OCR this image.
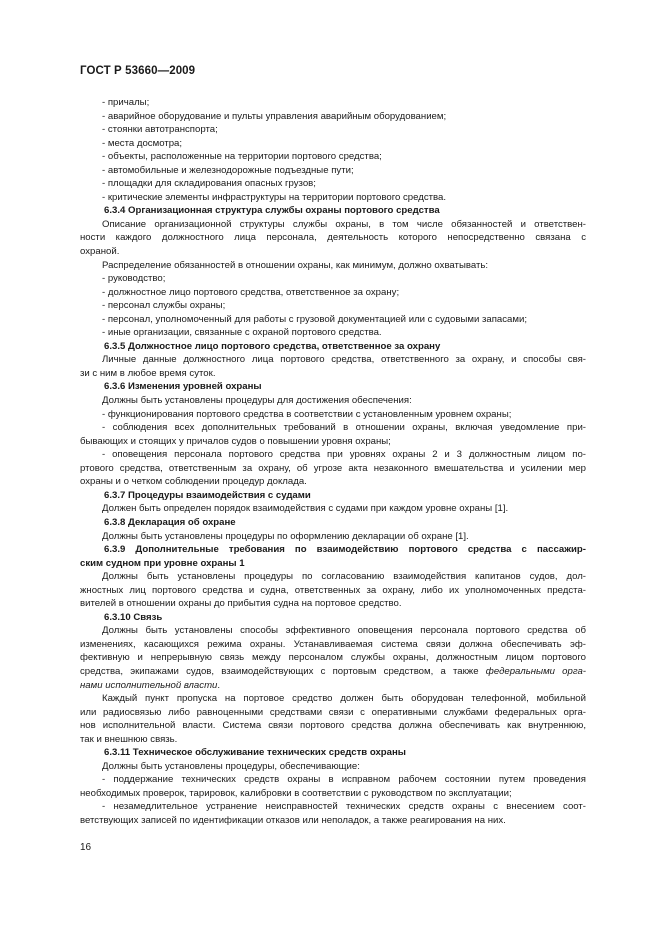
ГОСТ Р 53660—2009
- причалы;
- аварийное оборудование и пульты управления аварийным оборудованием;
- стоянки автотранспорта;
- места досмотра;
- объекты, расположенные на территории портового средства;
- автомобильные и железнодорожные подъездные пути;
- площадки для складирования опасных грузов;
- критические элементы инфраструктуры на территории портового средства.
6.3.4 Организационная структура службы охраны портового средства
Описание организационной структуры службы охраны, в том числе обязанностей и ответствен-
ности каждого должностного лица персонала, деятельность которого непосредственно связана с
охраной.
Распределение обязанностей в отношении охраны, как минимум, должно охватывать:
- руководство;
- должностное лицо портового средства, ответственное за охрану;
- персонал службы охраны;
- персонал, уполномоченный для работы с грузовой документацией или с судовыми запасами;
- иные организации, связанные с охраной портового средства.
6.3.5 Должностное лицо портового средства, ответственное за охрану
Личные данные должностного лица портового средства, ответственного за охрану, и способы свя-
зи с ним в любое время суток.
6.3.6 Изменения уровней охраны
Должны быть установлены процедуры для достижения обеспечения:
- функционирования портового средства в соответствии с установленным уровнем охраны;
- соблюдения всех дополнительных требований в отношении охраны, включая уведомление при-
бывающих и стоящих у причалов судов о повышении уровня охраны;
- оповещения персонала портового средства при уровнях охраны 2 и 3 должностным лицом по-
ртового средства, ответственным за охрану, об угрозе акта незаконного вмешательства и усилении мер
охраны и о четком соблюдении процедур доклада.
6.3.7 Процедуры взаимодействия с судами
Должен быть определен порядок взаимодействия с судами при каждом уровне охраны [1].
6.3.8 Декларация об охране
Должны быть установлены процедуры по оформлению декларации об охране [1].
6.3.9 Дополнительные требования по взаимодействию портового средства с пассажир-
ским судном при уровне охраны 1
Должны быть установлены процедуры по согласованию взаимодействия капитанов судов, дол-
жностных лиц портового средства и судна, ответственных за охрану, либо их уполномоченных предста-
вителей в отношении охраны до прибытия судна на портовое средство.
6.3.10 Связь
Должны быть установлены способы эффективного оповещения персонала портового средства об
изменениях, касающихся режима охраны. Устанавливаемая система связи должна обеспечивать эф-
фективную и непрерывную связь между персоналом службы охраны, должностным лицом портового
средства, экипажами судов, взаимодействующих с портовым средством, а также федеральными орга-
нами исполнительной власти.
Каждый пункт пропуска на портовое средство должен быть оборудован телефонной, мобильной
или радиосвязью либо равноценными средствами связи с оперативными службами федеральных орга-
нов исполнительной власти. Система связи портового средства должна обеспечивать как внутреннюю,
так и внешнюю связь.
6.3.11 Техническое обслуживание технических средств охраны
Должны быть установлены процедуры, обеспечивающие:
- поддержание технических средств охраны в исправном рабочем состоянии путем проведения
необходимых проверок, тарировок, калибровки в соответствии с руководством по эксплуатации;
- незамедлительное устранение неисправностей технических средств охраны с внесением соот-
ветствующих записей по идентификации отказов или неполадок, а также реагирования на них.
16
